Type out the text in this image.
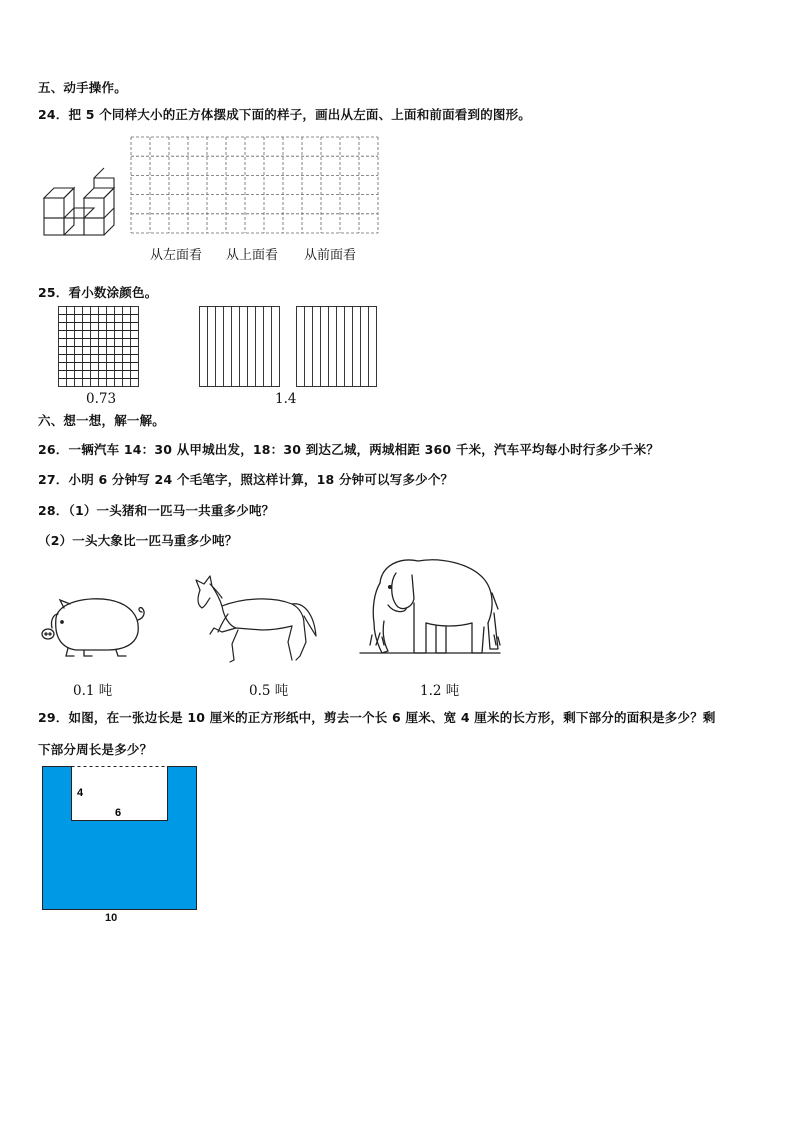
五、动手操作。
24．把 5 个同样大小的正方体摆成下面的样子，画出从左面、上面和前面看到的图形。
从左面看 从上面看 从前面看
25．看小数涂颜色。
0.73	1.4
六、想一想，解一解。
26．一辆汽车 14：30 从甲城出发，18：30 到达乙城，两城相距 360 千米，汽车平均每小时行多少千米？
27．小明 6 分钟写 24 个毛笔字，照这样计算，18 分钟可以写多少个？
28．（1）一头猪和一匹马一共重多少吨？
（2）一头大象比一匹马重多少吨？
0.1 吨	0.5 吨	1.2 吨
29．如图，在一张边长是 10 厘米的正方形纸中，剪去一个长 6 厘米、宽 4 厘米的长方形，剩下部分的面积是多少？剩
下部分周长是多少？
4
6
10
